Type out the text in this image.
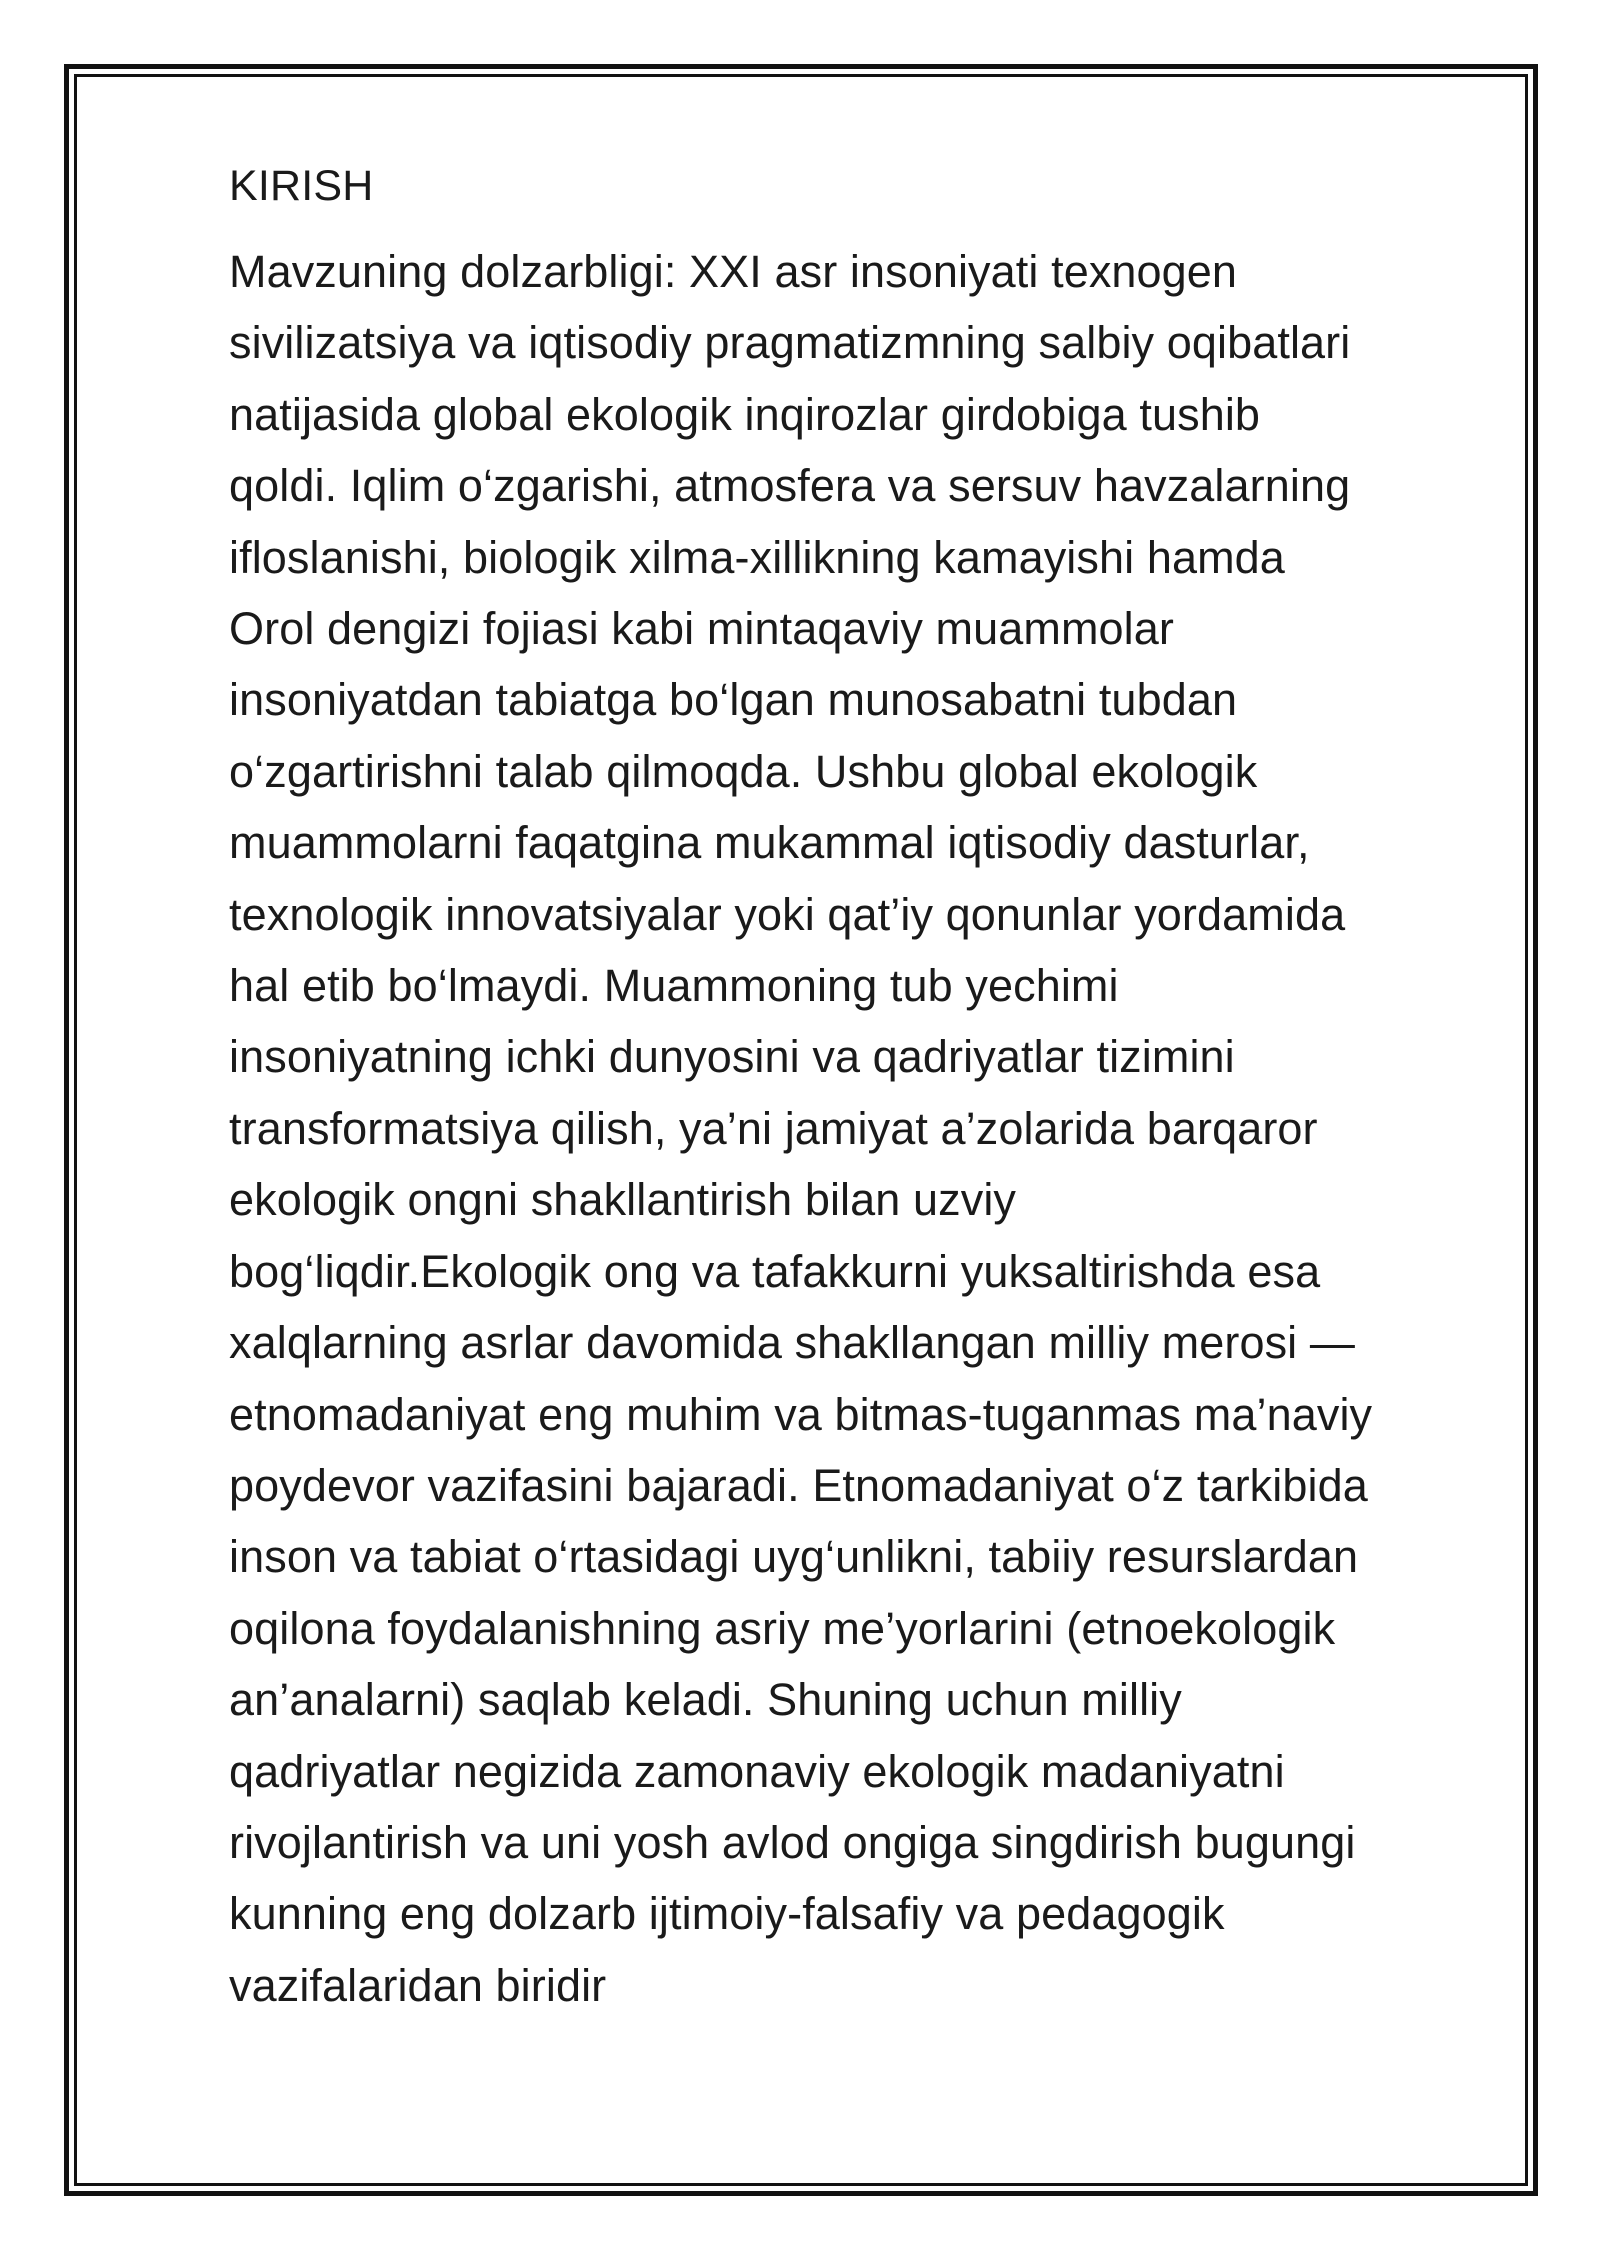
KIRISH
Mavzuning dolzarbligi: XXI asr insoniyati texnogen
sivilizatsiya va iqtisodiy pragmatizmning salbiy oqibatlari
natijasida global ekologik inqirozlar girdobiga tushib
qoldi. Iqlim o‘zgarishi, atmosfera va sersuv havzalarning
ifloslanishi, biologik xilma-xillikning kamayishi hamda
Orol dengizi fojiasi kabi mintaqaviy muammolar
insoniyatdan tabiatga bo‘lgan munosabatni tubdan
o‘zgartirishni talab qilmoqda. Ushbu global ekologik
muammolarni faqatgina mukammal iqtisodiy dasturlar,
texnologik innovatsiyalar yoki qat’iy qonunlar yordamida
hal etib bo‘lmaydi. Muammoning tub yechimi
insoniyatning ichki dunyosini va qadriyatlar tizimini
transformatsiya qilish, ya’ni jamiyat a’zolarida barqaror
ekologik ongni shakllantirish bilan uzviy
bog‘liqdir.Ekologik ong va tafakkurni yuksaltirishda esa
xalqlarning asrlar davomida shakllangan milliy merosi —
etnomadaniyat eng muhim va bitmas-tuganmas ma’naviy
poydevor vazifasini bajaradi. Etnomadaniyat o‘z tarkibida
inson va tabiat o‘rtasidagi uyg‘unlikni, tabiiy resurslardan
oqilona foydalanishning asriy me’yorlarini (etnoekologik
an’analarni) saqlab keladi. Shuning uchun milliy
qadriyatlar negizida zamonaviy ekologik madaniyatni
rivojlantirish va uni yosh avlod ongiga singdirish bugungi
kunning eng dolzarb ijtimoiy-falsafiy va pedagogik
vazifalaridan biridir
